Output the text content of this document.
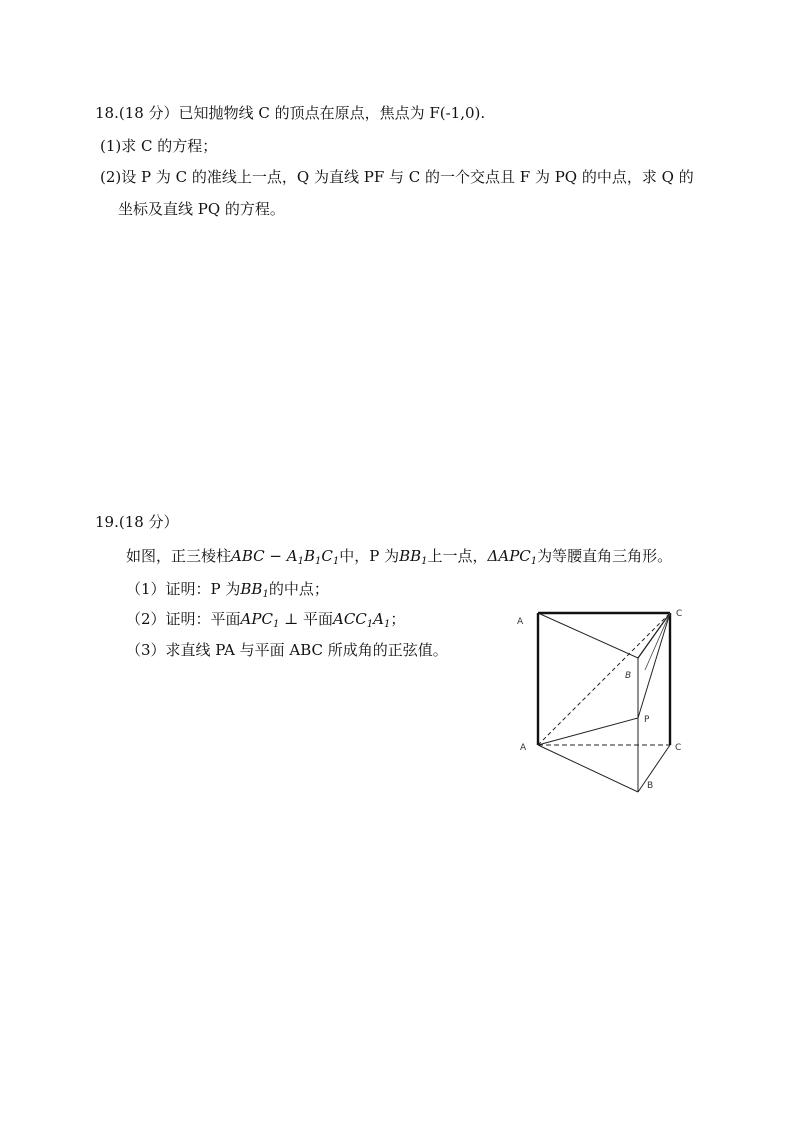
18.(18 分）已知抛物线 C 的顶点在原点，焦点为 F(-1,0).
(1)求 C 的方程；
(2)设 P 为 C 的准线上一点，Q 为直线 PF 与 C 的一个交点且 F 为 PQ 的中点，求 Q 的
坐标及直线 PQ 的方程。
19.(18 分）
如图，正三棱柱ABC − $A_1B_1C_1$中，P 为$BB_1$上一点，$\Delta APC_1$为等腰直角三角形。
（1）证明：P 为$BB_1$的中点；
（2）证明：平面$APC_1$ ⊥ 平面$ACC_1A_1$；
（3）求直线 PA 与平面 ABC 所成角的正弦值。
A
C
B
P
A	C
B
